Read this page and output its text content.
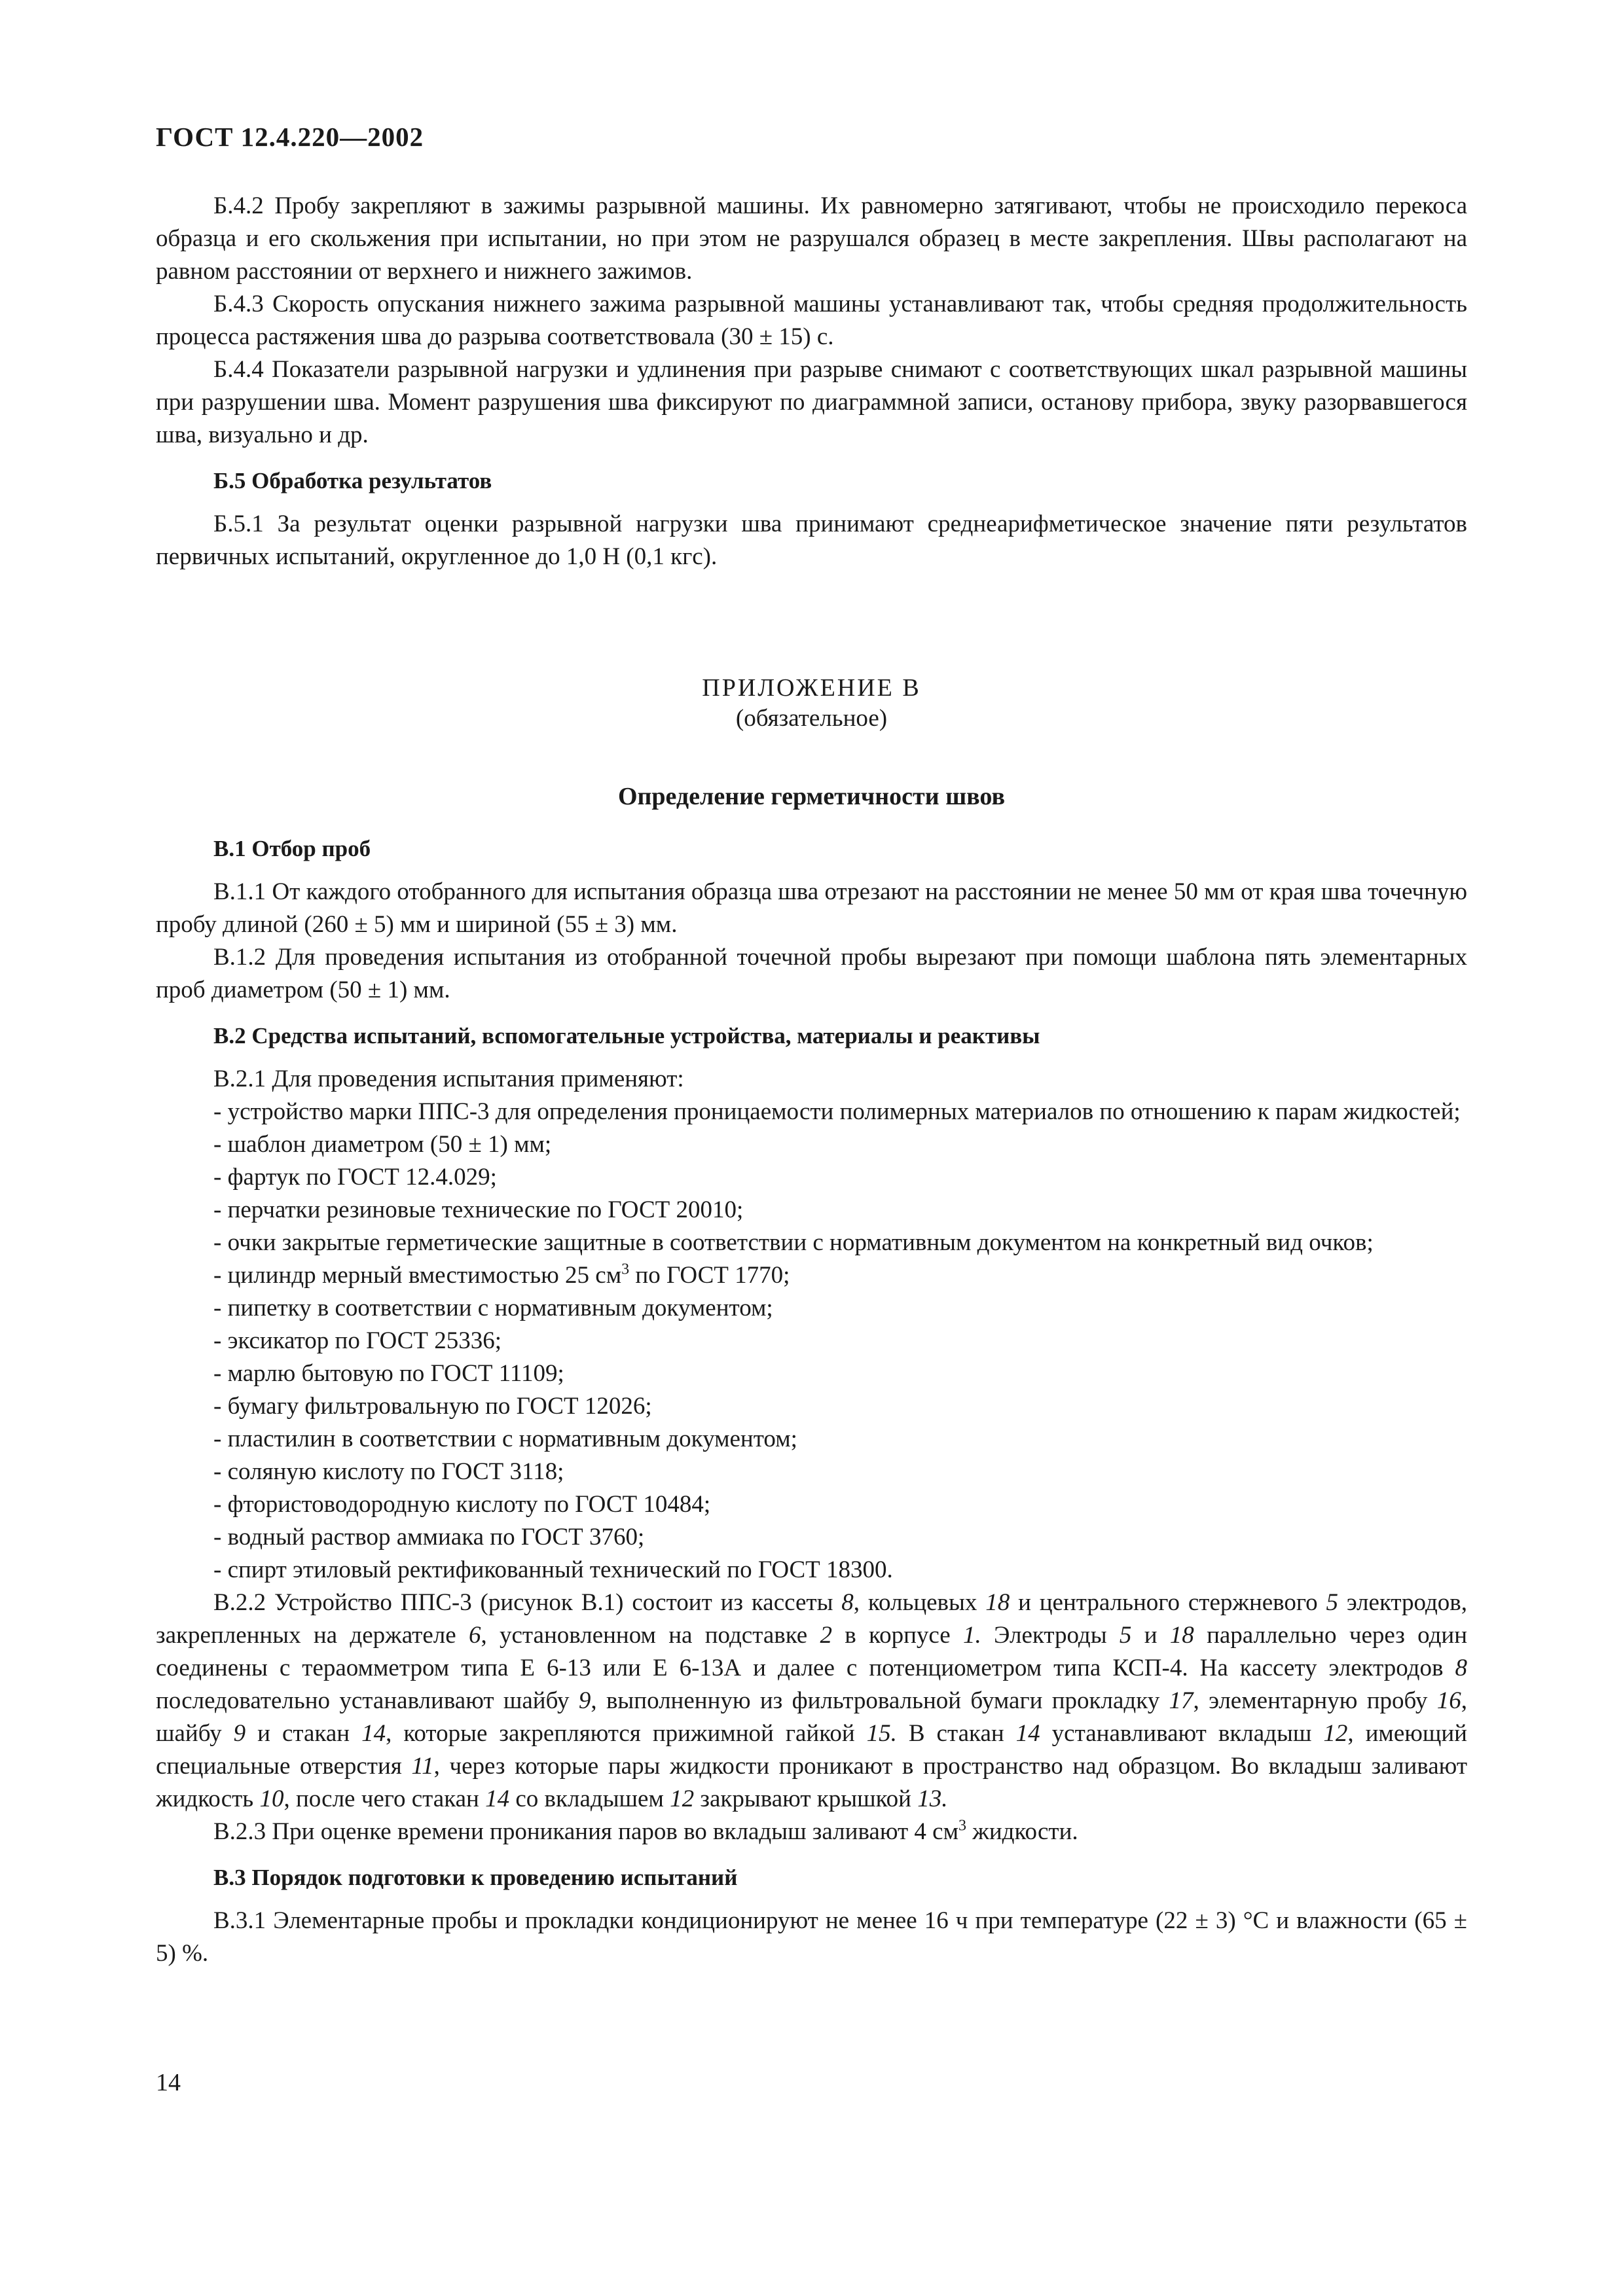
ГОСТ 12.4.220—2002

Б.4.2 Пробу закрепляют в зажимы разрывной машины. Их равномерно затягивают, чтобы не происходило перекоса образца и его скольжения при испытании, но при этом не разрушался образец в месте закрепления. Швы располагают на равном расстоянии от верхнего и нижнего зажимов.

Б.4.3 Скорость опускания нижнего зажима разрывной машины устанавливают так, чтобы средняя продолжительность процесса растяжения шва до разрыва соответствовала (30 ± 15) с.

Б.4.4 Показатели разрывной нагрузки и удлинения при разрыве снимают с соответствующих шкал разрывной машины при разрушении шва. Момент разрушения шва фиксируют по диаграммной записи, останову прибора, звуку разорвавшегося шва, визуально и др.

Б.5 Обработка результатов

Б.5.1 За результат оценки разрывной нагрузки шва принимают среднеарифметическое значение пяти результатов первичных испытаний, округленное до 1,0 Н (0,1 кгс).

ПРИЛОЖЕНИЕ В

(обязательное)

Определение герметичности швов

В.1 Отбор проб

В.1.1 От каждого отобранного для испытания образца шва отрезают на расстоянии не менее 50 мм от края шва точечную пробу длиной (260 ± 5) мм и шириной (55 ± 3) мм.

В.1.2 Для проведения испытания из отобранной точечной пробы вырезают при помощи шаблона пять элементарных проб диаметром (50 ± 1) мм.

В.2 Средства испытаний, вспомогательные устройства, материалы и реактивы

В.2.1 Для проведения испытания применяют:

- устройство марки ППС-3 для определения проницаемости полимерных материалов по отношению к парам жидкостей;

- шаблон диаметром (50 ± 1) мм;

- фартук по ГОСТ 12.4.029;

- перчатки резиновые технические по ГОСТ 20010;

- очки закрытые герметические защитные в соответствии с нормативным документом на конкретный вид очков;

- цилиндр мерный вместимостью 25 $см^3$ по ГОСТ 1770;

- пипетку в соответствии с нормативным документом;

- эксикатор по ГОСТ 25336;

- марлю бытовую по ГОСТ 11109;

- бумагу фильтровальную по ГОСТ 12026;

- пластилин в соответствии с нормативным документом;

- соляную кислоту по ГОСТ 3118;

- фтористоводородную кислоту по ГОСТ 10484;

- водный раствор аммиака по ГОСТ 3760;

- спирт этиловый ректификованный технический по ГОСТ 18300.

В.2.2 Устройство ППС-3 (рисунок В.1) состоит из кассеты 8, кольцевых 18 и центрального стержневого 5 электродов, закрепленных на держателе 6, установленном на подставке 2 в корпусе 1. Электроды 5 и 18 параллельно через один соединены с тераомметром типа Е 6-13 или Е 6-13А и далее с потенциометром типа КСП-4. На кассету электродов 8 последовательно устанавливают шайбу 9, выполненную из фильтровальной бумаги прокладку 17, элементарную пробу 16, шайбу 9 и стакан 14, которые закрепляются прижимной гайкой 15. В стакан 14 устанавливают вкладыш 12, имеющий специальные отверстия 11, через которые пары жидкости проникают в пространство над образцом. Во вкладыш заливают жидкость 10, после чего стакан 14 со вкладышем 12 закрывают крышкой 13.

В.2.3 При оценке времени проникания паров во вкладыш заливают 4 $см^3$ жидкости.

В.3 Порядок подготовки к проведению испытаний

В.3.1 Элементарные пробы и прокладки кондиционируют не менее 16 ч при температуре (22 ± 3) °С и влажности (65 ± 5) %.

14
